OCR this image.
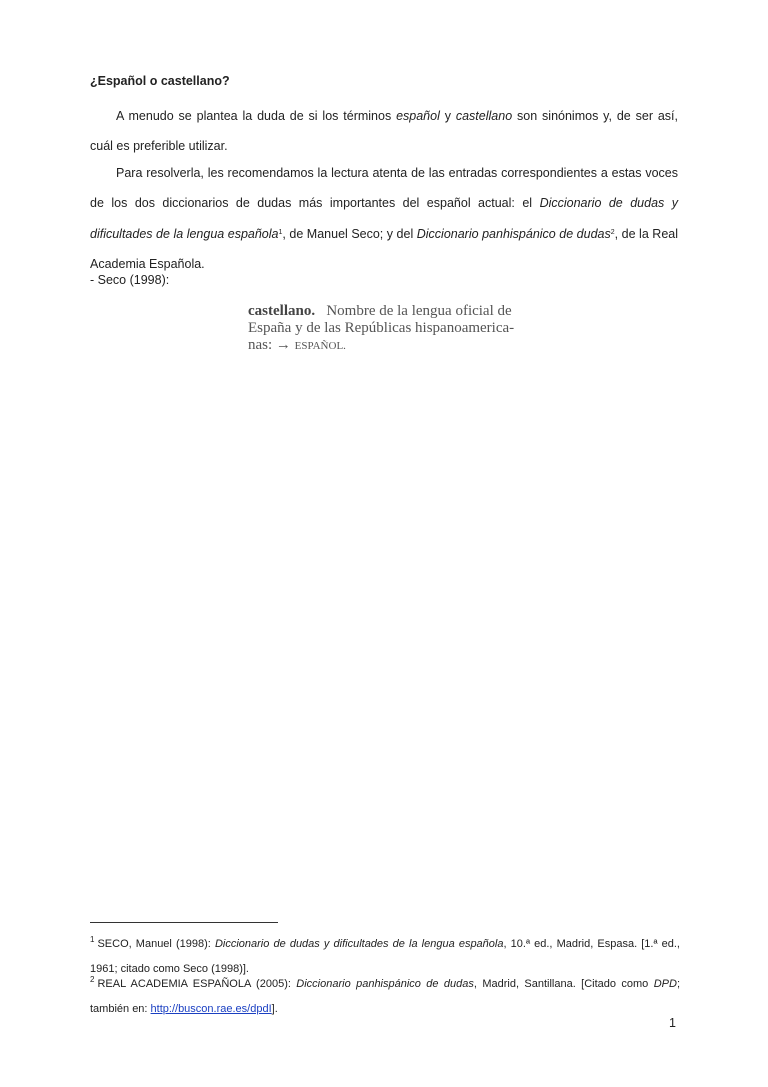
¿Español o castellano?
A menudo se plantea la duda de si los términos español y castellano son sinónimos y, de ser así, cuál es preferible utilizar.
Para resolverla, les recomendamos la lectura atenta de las entradas correspondientes a estas voces de los dos diccionarios de dudas más importantes del español actual: el Diccionario de dudas y dificultades de la lengua española$^1$, de Manuel Seco; y del Diccionario panhispánico de dudas$^2$, de la Real Academia Española.
- Seco (1998):
castellano. Nombre de la lengua oficial de España y de las Repúblicas hispanoamerica- nas: → ESPAÑOL.
$^1$ SECO, Manuel (1998): Diccionario de dudas y dificultades de la lengua española, 10.ª ed., Madrid, Espasa. [1.ª ed., 1961; citado como Seco (1998)].
$^2$ REAL ACADEMIA ESPAÑOLA (2005): Diccionario panhispánico de dudas, Madrid, Santillana. [Citado como DPD; también en: http://buscon.rae.es/dpdI].
1
